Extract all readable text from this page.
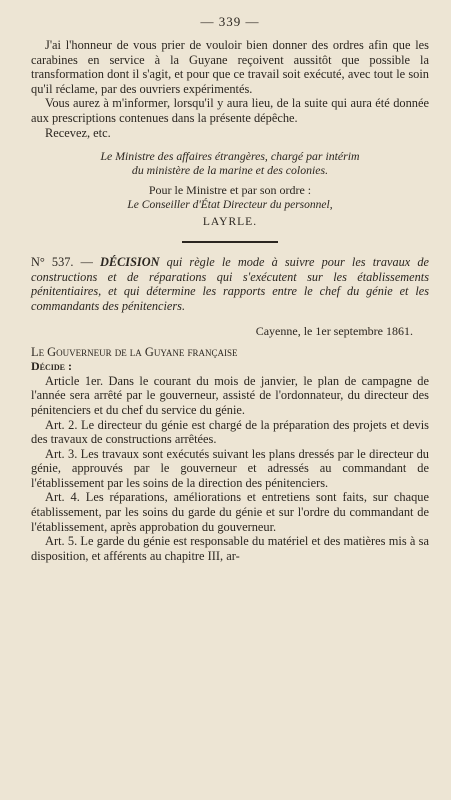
— 339 —

J'ai l'honneur de vous prier de vouloir bien donner des ordres afin que les carabines en service à la Guyane reçoivent aussitôt que possible la transformation dont il s'agit, et pour que ce travail soit exécuté, avec tout le soin qu'il réclame, par des ouvriers expérimentés.

Vous aurez à m'informer, lorsqu'il y aura lieu, de la suite qui aura été donnée aux prescriptions contenues dans la présente dépêche.

Recevez, etc.

Le Ministre des affaires étrangères, chargé par intérim
du ministère de la marine et des colonies.
Pour le Ministre et par son ordre :
Le Conseiller d'État Directeur du personnel,
LAYRLE.

N° 537. — DÉCISION qui règle le mode à suivre pour les travaux de constructions et de réparations qui s'exécutent sur les établissements pénitentiaires, et qui détermine les rapports entre le chef du génie et les commandants des pénitenciers.

Cayenne, le 1er septembre 1861.

Le Gouverneur de la Guyane française

Décide :

Article 1er. Dans le courant du mois de janvier, le plan de campagne de l'année sera arrêté par le gouverneur, assisté de l'ordonnateur, du directeur des pénitenciers et du chef du service du génie.

Art. 2. Le directeur du génie est chargé de la préparation des projets et devis des travaux de constructions arrêtées.

Art. 3. Les travaux sont exécutés suivant les plans dressés par le directeur du génie, approuvés par le gouverneur et adressés au commandant de l'établissement par les soins de la direction des pénitenciers.

Art. 4. Les réparations, améliorations et entretiens sont faits, sur chaque établissement, par les soins du garde du génie et sur l'ordre du commandant de l'établissement, après approbation du gouverneur.

Art. 5. Le garde du génie est responsable du matériel et des matières mis à sa disposition, et afférents au chapitre III, ar-
